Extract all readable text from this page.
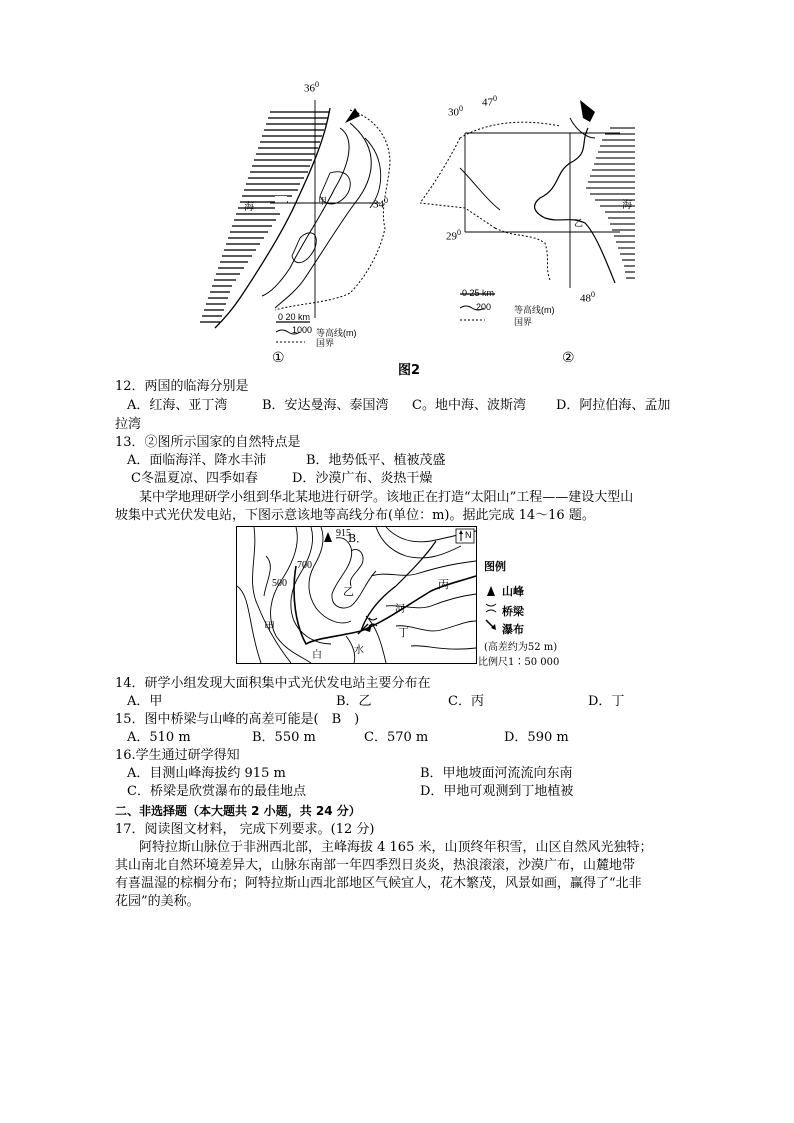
$36^0$
$34^0$
海
甲
0 20 km
1000 等高线(m)
国界
①
$30^0$ $47^0$
$29^0$
$48^0$
海
乙
0 25 km
200	等高线(m)
国界
②
图2
12．两国的临海分别是
A．红海、亚丁湾	B．安达曼海、泰国湾 C。地中海、波斯湾 D．阿拉伯海、孟加
拉湾
13．②图所示国家的自然特点是
A．面临海洋、降水丰沛	B．地势低平、植被茂盛
C冬温夏凉、四季如春	D．沙漠广布、炎热干燥
某中学地理研学小组到华北某地进行研学。该地正在打造“太阳山”工程——建设大型山
坡集中式光伏发电站，下图示意该地等高线分布(单位：m)。据此完成 14～16 题。
915	N
700
500
甲
B．
乙
丙
丁
河
白	水
图例
山峰
桥梁
瀑布
(高差约为52 m)
比例尺1∶50 000
14．研学小组发现大面积集中式光伏发电站主要分布在
A．甲	B．乙	C．丙	D．丁
15．图中桥梁与山峰的高差可能是(　B　)
A．510 m	B．550 m	C．570 m	D．590 m
16.学生通过研学得知
A．目测山峰海拔约 915 m	B．甲地坡面河流流向东南
C．桥梁是欣赏瀑布的最佳地点	D．甲地可观测到丁地植被
二、非选择题（本大题共 2 小题，共 24 分）
17．阅读图文材料， 完成下列要求。(12 分)
阿特拉斯山脉位于非洲西北部，主峰海拔 4 165 米，山顶终年积雪，山区自然风光独特；
其山南北自然环境差异大，山脉东南部一年四季烈日炎炎，热浪滚滚，沙漠广布，山麓地带
有喜温湿的棕榈分布；阿特拉斯山西北部地区气候宜人，花木繁茂，风景如画，赢得了“北非
花园”的美称。
